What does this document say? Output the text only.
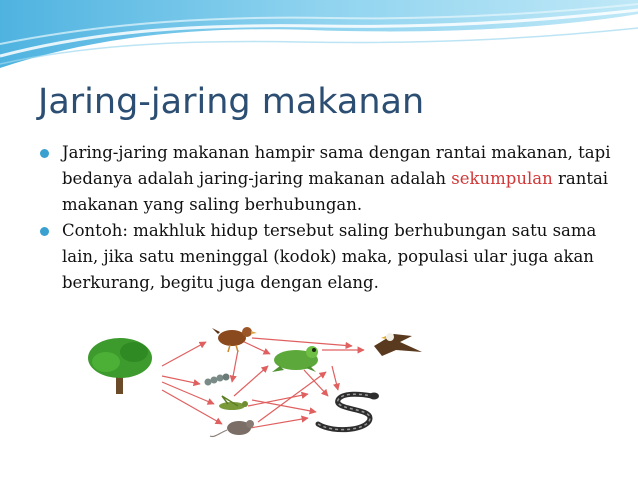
Jaring-jaring makanan
Jaring-jaring makanan hampir sama dengan rantai makanan, tapi bedanya adalah jaring-jaring makanan adalah sekumpulan rantai makanan yang saling berhubungan.
Contoh: makhluk hidup tersebut saling berhubungan satu sama lain, jika satu meninggal (kodok) maka, populasi ular juga akan berkurang, begitu juga dengan elang.
